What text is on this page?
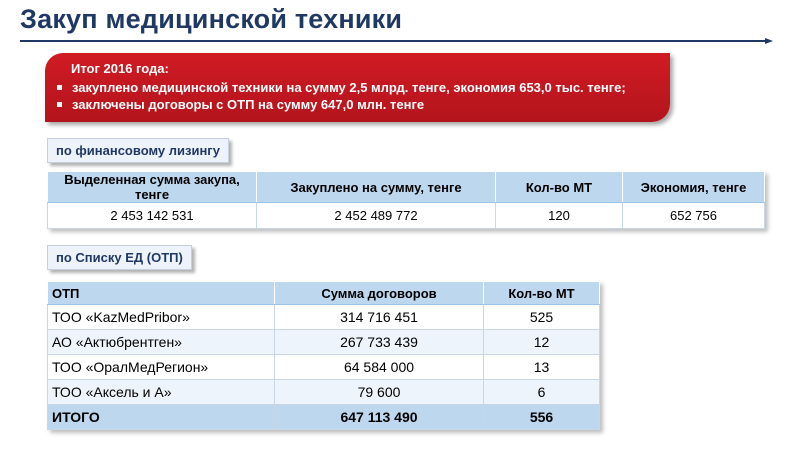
Закуп медицинской техники
Итог 2016 года:
закуплено медицинской техники на сумму 2,5 млрд. тенге, экономия 653,0 тыс. тенге;
заключены договоры с ОТП на сумму 647,0 млн. тенге
по финансовому лизингу
Выделенная сумма закупа, тенге	Закуплено на сумму, тенге	Кол-во МТ	Экономия, тенге
2 453 142 531	2 452 489 772	120	652 756
по Списку ЕД (ОТП)
ОТП	Сумма договоров	Кол-во МТ
ТОО «KazMedPribor»	314 716 451	525
АО «Актюбрентген»	267 733 439	12
ТОО «ОралМедРегион»	64 584 000	13
ТОО «Аксель и А»	79 600	6
ИТОГО	647 113 490	556
